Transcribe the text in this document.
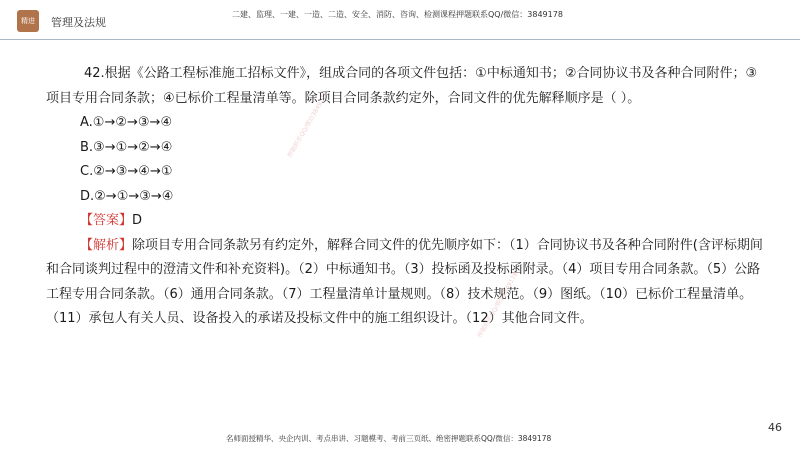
精进	管理及法规
二建、监理、一建、一造、二造、安全、消防、咨询、检测课程押题联系QQ/微信：3849178

42.根据《公路工程标准施工招标文件》，组成合同的各项文件包括：①中标通知书；②合同协议书及各种合同附件；③项目专用合同条款；④已标价工程量清单等。除项目合同条款约定外，合同文件的优先解释顺序是（ ）。

A.①→②→③→④
B.③→①→②→④
C.②→③→④→①
D.②→①→③→④

【答案】D

【解析】除项目专用合同条款另有约定外，解释合同文件的优先顺序如下：（1）合同协议书及各种合同附件(含评标期间和合同谈判过程中的澄清文件和补充资料)。（2）中标通知书。（3）投标函及投标函附录。（4）项目专用合同条款。（5）公路工程专用合同条款。（6）通用合同条款。（7）工程量清单计量规则。（8）技术规范。（9）图纸。（10）已标价工程量清单。（11）承包人有关人员、设备投入的承诺及投标文件中的施工组织设计。（12）其他合同文件。

押题联系QQ/微信3849178
押题联系QQ/微信3849178
46
名师面授精华、央企内训、考点串讲、习题模考、考前三页纸、绝密押题联系QQ/微信：3849178
